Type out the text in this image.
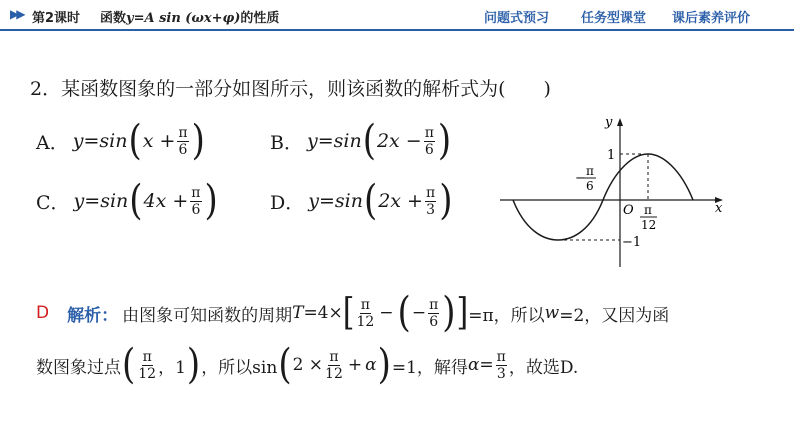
▶▶ 第2课时 函数y=A sin (ωx+φ)的性质	问题式预习 任务型课堂 课后素养评价
2．某函数图象的一部分如图所示，则该函数的解析式为(　　)
A． y=sin ( $x + \frac{\pi}{6}$ )	B． y=sin ( $2x - \frac{\pi}{6}$ )
C． y=sin ( $4x + \frac{\pi}{6}$ )	D． y=sin ( $2x + \frac{\pi}{3}$ )
y
x
O
1
−1
− π
6
π
12
D 解析： 由图象可知函数的周期 T =4× [ $\frac{\pi}{12}$ − ( − $\frac{\pi}{6}$ ) ] =π，所以 w =2，又因为函
数图象过点 ( $\frac{\pi}{12}$ ，1 ) ，所以sin ( $2 \times \frac{\pi}{12} + \alpha$ ) =1，解得 $\alpha = \frac{\pi}{3}$ ，故选D.
